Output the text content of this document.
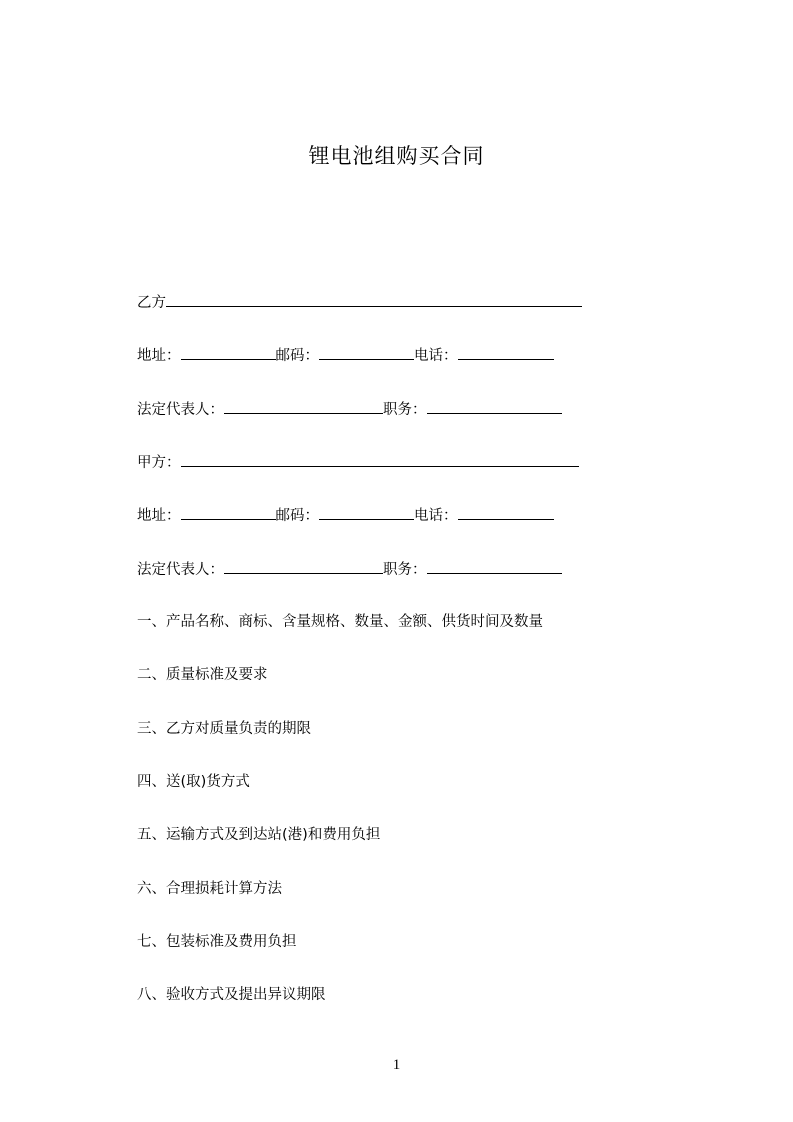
锂电池组购买合同
乙方
地址：	邮码：	电话：
法定代表人：	职务：
甲方：
地址：	邮码：	电话：
法定代表人：	职务：
一、产品名称、商标、含量规格、数量、金额、供货时间及数量
二、质量标准及要求
三、乙方对质量负责的期限
四、送(取)货方式
五、运输方式及到达站(港)和费用负担
六、合理损耗计算方法
七、包装标准及费用负担
八、验收方式及提出异议期限
1
